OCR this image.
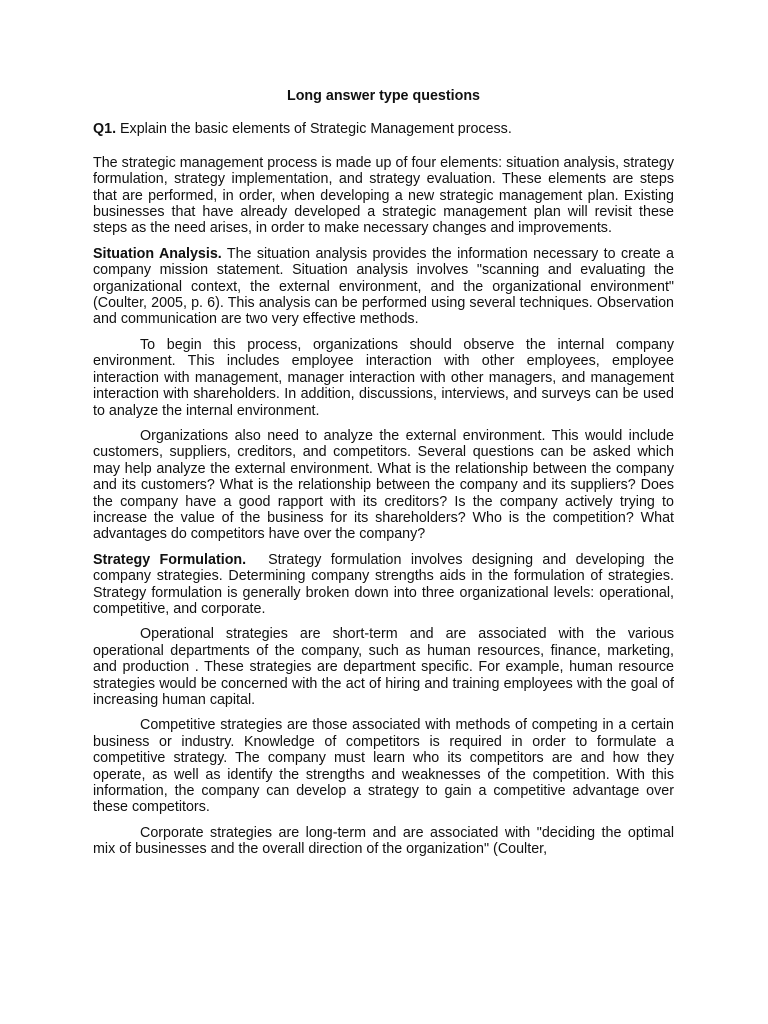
Long answer type questions
Q1. Explain the basic elements of Strategic Management process.

The strategic management process is made up of four elements: situation analysis, strategy formulation, strategy implementation, and strategy evaluation. These elements are steps that are performed, in order, when developing a new strategic management plan. Existing businesses that have already developed a strategic management plan will revisit these steps as the need arises, in order to make necessary changes and improvements.

Situation Analysis. The situation analysis provides the information necessary to create a company mission statement. Situation analysis involves "scanning and evaluating the organizational context, the external environment, and the organizational environment" (Coulter, 2005, p. 6). This analysis can be performed using several techniques. Observation and communication are two very effective methods.

To begin this process, organizations should observe the internal company environment. This includes employee interaction with other employees, employee interaction with management, manager interaction with other managers, and management interaction with shareholders. In addition, discussions, interviews, and surveys can be used to analyze the internal environment.

Organizations also need to analyze the external environment. This would include customers, suppliers, creditors, and competitors. Several questions can be asked which may help analyze the external environment. What is the relationship between the company and its customers? What is the relationship between the company and its suppliers? Does the company have a good rapport with its creditors? Is the company actively trying to increase the value of the business for its shareholders? Who is the competition? What advantages do competitors have over the company?

Strategy Formulation. Strategy formulation involves designing and developing the company strategies. Determining company strengths aids in the formulation of strategies. Strategy formulation is generally broken down into three organizational levels: operational, competitive, and corporate.

Operational strategies are short-term and are associated with the various operational departments of the company, such as human resources, finance, marketing, and production . These strategies are department specific. For example, human resource strategies would be concerned with the act of hiring and training employees with the goal of increasing human capital.

Competitive strategies are those associated with methods of competing in a certain business or industry. Knowledge of competitors is required in order to formulate a competitive strategy. The company must learn who its competitors are and how they operate, as well as identify the strengths and weaknesses of the competition. With this information, the company can develop a strategy to gain a competitive advantage over these competitors.

Corporate strategies are long-term and are associated with "deciding the optimal mix of businesses and the overall direction of the organization" (Coulter,
